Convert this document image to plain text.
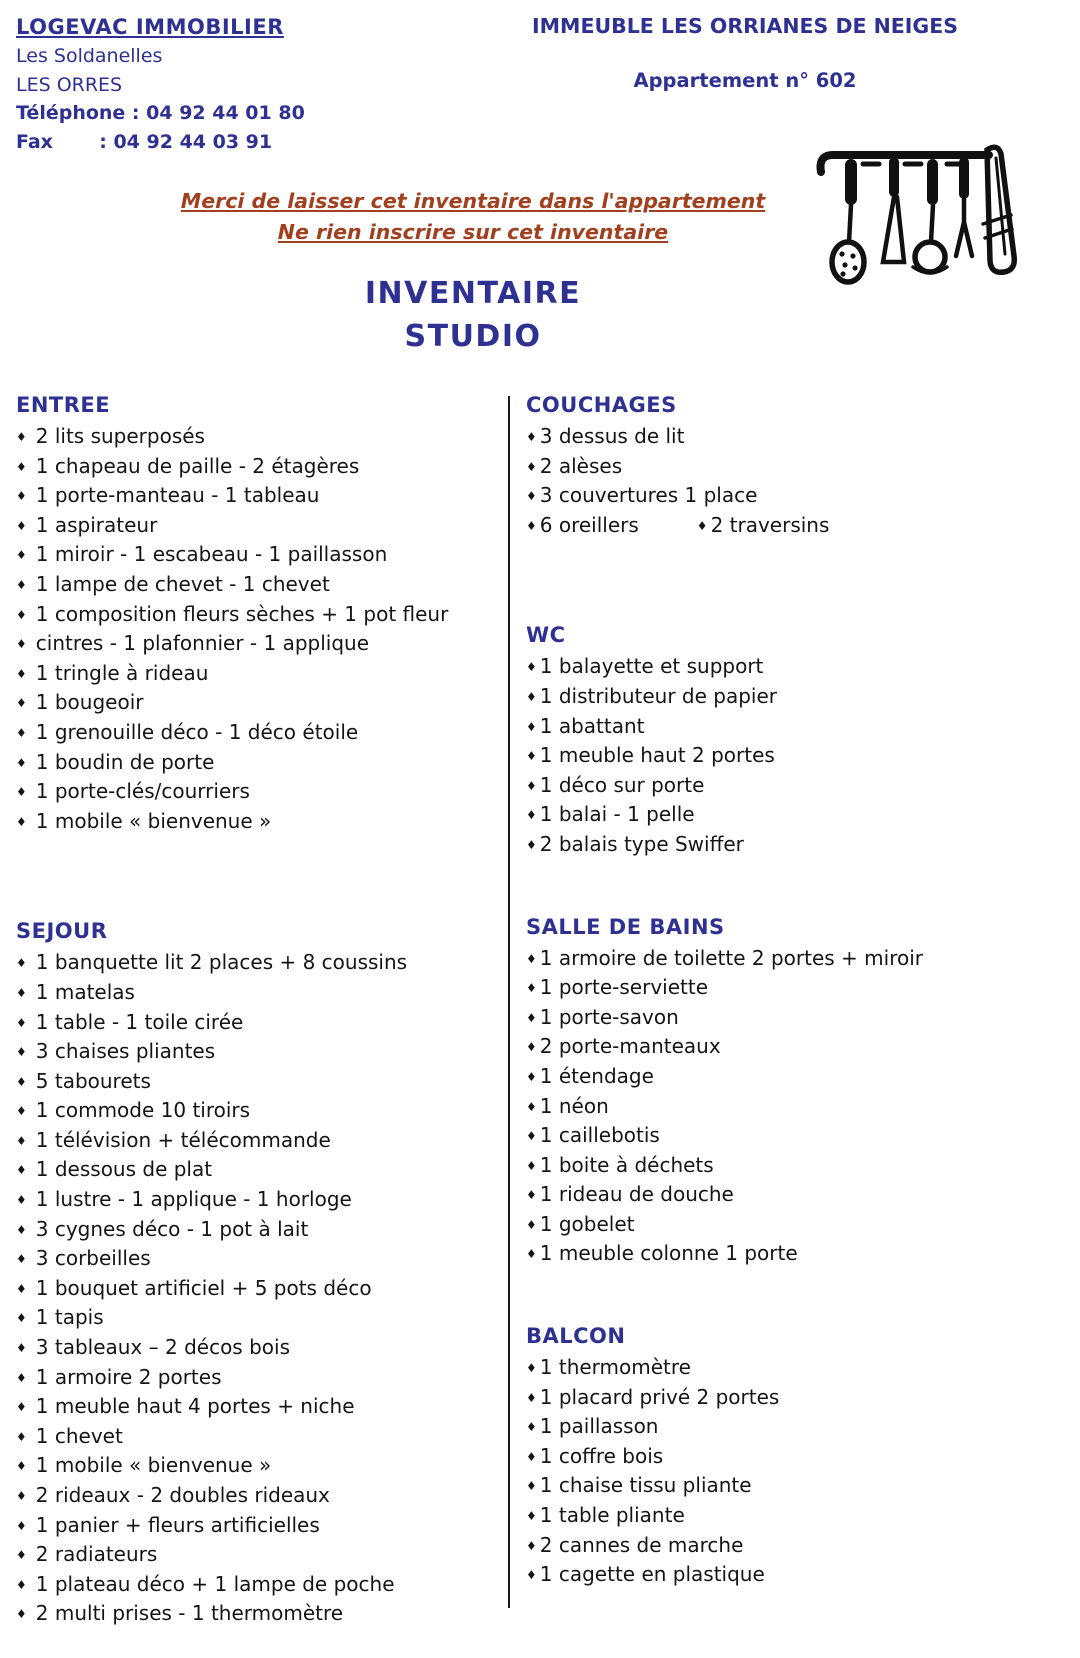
LOGEVAC IMMOBILIER
Les Soldanelles
LES ORRES
Téléphone : 04 92 44 01 80
Fax       : 04 92 44 03 91
IMMEUBLE LES ORRIANES DE NEIGES
Appartement n° 602
Merci de laisser cet inventaire dans l'appartement
Ne rien inscrire sur cet inventaire
INVENTAIRE
STUDIO
ENTREE
♦ 2 lits superposés
♦ 1 chapeau de paille - 2 étagères
♦ 1 porte-manteau - 1 tableau
♦ 1 aspirateur
♦ 1 miroir - 1 escabeau - 1 paillasson
♦ 1 lampe de chevet - 1 chevet
♦ 1 composition fleurs sèches + 1 pot fleur
♦ cintres - 1 plafonnier - 1 applique
♦ 1 tringle à rideau
♦ 1 bougeoir
♦ 1 grenouille déco - 1 déco étoile
♦ 1 boudin de porte
♦ 1 porte-clés/courriers
♦ 1 mobile « bienvenue »
SEJOUR
♦ 1 banquette lit 2 places + 8 coussins
♦ 1 matelas
♦ 1 table - 1 toile cirée
♦ 3 chaises pliantes
♦ 5 tabourets
♦ 1 commode 10 tiroirs
♦ 1 télévision + télécommande
♦ 1 dessous de plat
♦ 1 lustre - 1 applique - 1 horloge
♦ 3 cygnes déco - 1 pot à lait
♦ 3 corbeilles
♦ 1 bouquet artificiel + 5 pots déco
♦ 1 tapis
♦ 3 tableaux – 2 décos bois
♦ 1 armoire 2 portes
♦ 1 meuble haut 4 portes + niche
♦ 1 chevet
♦ 1 mobile « bienvenue »
♦ 2 rideaux - 2 doubles rideaux
♦ 1 panier + fleurs artificielles
♦ 2 radiateurs
♦ 1 plateau déco + 1 lampe de poche
♦ 2 multi prises - 1 thermomètre
COUCHAGES
♦ 3 dessus de lit
♦ 2 alèses
♦ 3 couvertures 1 place
♦ 6 oreillers	♦ 2 traversins
WC
♦ 1 balayette et support
♦ 1 distributeur de papier
♦ 1 abattant
♦ 1 meuble haut 2 portes
♦ 1 déco sur porte
♦ 1 balai - 1 pelle
♦ 2 balais type Swiffer
SALLE DE BAINS
♦ 1 armoire de toilette 2 portes + miroir
♦ 1 porte-serviette
♦ 1 porte-savon
♦ 2 porte-manteaux
♦ 1 étendage
♦ 1 néon
♦ 1 caillebotis
♦ 1 boite à déchets
♦ 1 rideau de douche
♦ 1 gobelet
♦ 1 meuble colonne 1 porte
BALCON
♦ 1 thermomètre
♦ 1 placard privé 2 portes
♦ 1 paillasson
♦ 1 coffre bois
♦ 1 chaise tissu pliante
♦ 1 table pliante
♦ 2 cannes de marche
♦ 1 cagette en plastique
